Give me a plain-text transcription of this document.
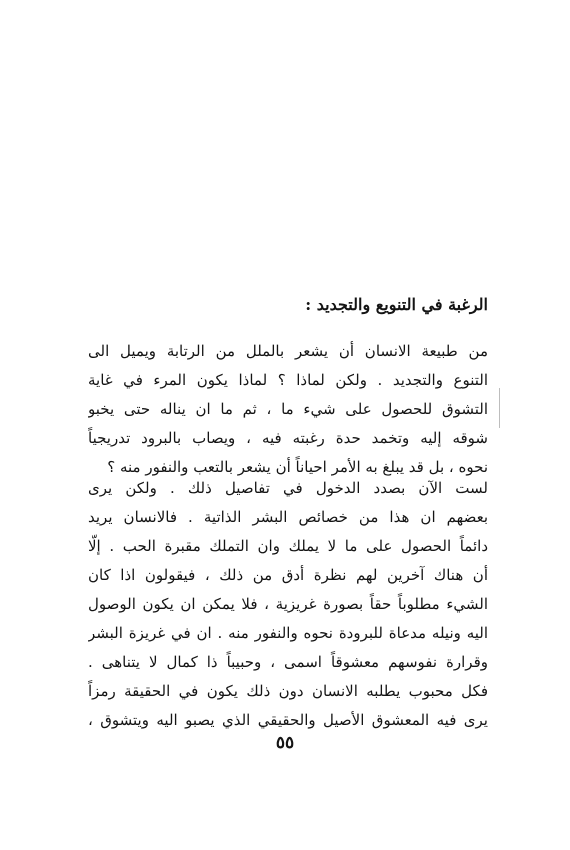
الرغبة في التنويع والتجديد :
من طبيعة الانسان أن يشعر بالملل من الرتابة ويميل الى
التنوع والتجديد . ولكن لماذا ؟ لماذا يكون المرء في غاية
التشوق للحصول على شيء ما ، ثم ما ان يناله حتى يخبو
شوقه إليه وتخمد حدة رغبته فيه ، ويصاب بالبرود تدريجياً
نحوه ، بل قد يبلغ به الأمر احياناً أن يشعر بالتعب والنفور منه ؟
لست الآن بصدد الدخول في تفاصيل ذلك . ولكن يرى
بعضهم ان هذا من خصائص البشر الذاتية . فالانسان يريد
دائماً الحصول على ما لا يملك وان التملك مقبرة الحب . إلّا
أن هناك آخرين لهم نظرة أدق من ذلك ، فيقولون اذا كان
الشيء مطلوباً حقاً بصورة غريزية ، فلا يمكن ان يكون الوصول
اليه ونيله مدعاة للبرودة نحوه والنفور منه . ان في غريزة البشر
وقرارة نفوسهم معشوقاً اسمى ، وحبيباً ذا كمال لا يتناهى .
فكل محبوب يطلبه الانسان دون ذلك يكون في الحقيقة رمزاً
يرى فيه المعشوق الأصيل والحقيقي الذي يصبو اليه ويتشوق ،
٥٥
